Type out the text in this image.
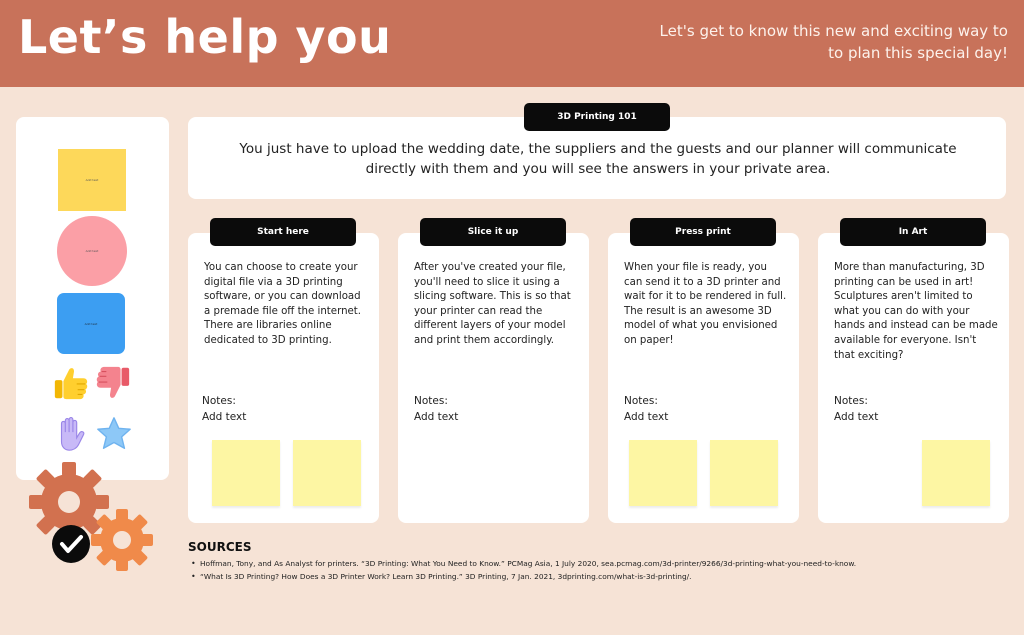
Let’s help you	Let's get to know this new and exciting way to
to plan this special day!
Add text
Add text
Add text

You just have to upload the wedding date, the suppliers and the guests and our planner will communicate directly with them and you will see the answers in your private area.

3D Printing 101
You can choose to create your digital file via a 3D printing software, or you can download a premade file off the internet. There are libraries online dedicated to 3D printing.
Notes:
Add text
Start here
After you've created your file, you'll need to slice it using a slicing software. This is so that your printer can read the different layers of your model and print them accordingly.
Notes:
Add text
Slice it up
When your file is ready, you can send it to a 3D printer and wait for it to be rendered in full. The result is an awesome 3D model of what you envisioned on paper!
Notes:
Add text
Press print
More than manufacturing, 3D printing can be used in art! Sculptures aren't limited to what you can do with your hands and instead can be made available for everyone. Isn't that exciting?
Notes:
Add text
In Art
SOURCES
• Hoffman, Tony, and As Analyst for printers. “3D Printing: What You Need to Know.” PCMag Asia, 1 July 2020, sea.pcmag.com/3d-printer/9266/3d-printing-what-you-need-to-know.
• “What Is 3D Printing? How Does a 3D Printer Work? Learn 3D Printing.” 3D Printing, 7 Jan. 2021, 3dprinting.com/what-is-3d-printing/.
